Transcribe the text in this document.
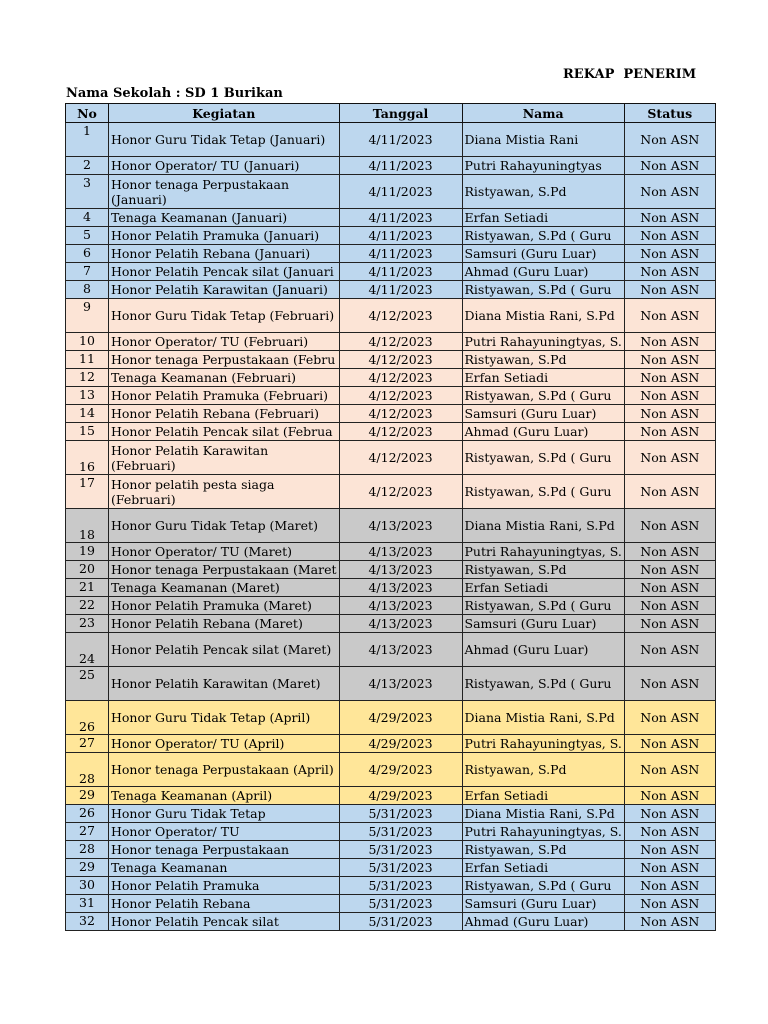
REKAP  PENERIM
Nama Sekolah : SD 1 Burikan
No	Kegiatan	Tanggal	Nama	Status
1	Honor Guru Tidak Tetap (Januari)	4/11/2023	Diana Mistia Rani	Non ASN
2	Honor Operator/ TU (Januari)	4/11/2023	Putri Rahayuningtyas	Non ASN
3	Honor tenaga Perpustakaan (Januari)	4/11/2023	Ristyawan, S.Pd	Non ASN
4	Tenaga Keamanan (Januari)	4/11/2023	Erfan Setiadi	Non ASN
5	Honor Pelatih Pramuka (Januari)	4/11/2023	Ristyawan, S.Pd ( Guru	Non ASN
6	Honor Pelatih Rebana (Januari)	4/11/2023	Samsuri (Guru Luar)	Non ASN
7	Honor Pelatih Pencak silat (Januari	4/11/2023	Ahmad (Guru Luar)	Non ASN
8	Honor Pelatih Karawitan (Januari)	4/11/2023	Ristyawan, S.Pd ( Guru	Non ASN
9	Honor Guru Tidak Tetap (Februari)	4/12/2023	Diana Mistia Rani, S.Pd	Non ASN
10	Honor Operator/ TU (Februari)	4/12/2023	Putri Rahayuningtyas, S.	Non ASN
11	Honor tenaga Perpustakaan (Febru	4/12/2023	Ristyawan, S.Pd	Non ASN
12	Tenaga Keamanan (Februari)	4/12/2023	Erfan Setiadi	Non ASN
13	Honor Pelatih Pramuka (Februari)	4/12/2023	Ristyawan, S.Pd ( Guru	Non ASN
14	Honor Pelatih Rebana (Februari)	4/12/2023	Samsuri (Guru Luar)	Non ASN
15	Honor Pelatih Pencak silat (Februa	4/12/2023	Ahmad (Guru Luar)	Non ASN
16	Honor Pelatih Karawitan (Februari)	4/12/2023	Ristyawan, S.Pd ( Guru	Non ASN
17	Honor pelatih pesta siaga (Februari)	4/12/2023	Ristyawan, S.Pd ( Guru	Non ASN
18	Honor Guru Tidak Tetap (Maret)	4/13/2023	Diana Mistia Rani, S.Pd	Non ASN
19	Honor Operator/ TU (Maret)	4/13/2023	Putri Rahayuningtyas, S.	Non ASN
20	Honor tenaga Perpustakaan (Maret	4/13/2023	Ristyawan, S.Pd	Non ASN
21	Tenaga Keamanan (Maret)	4/13/2023	Erfan Setiadi	Non ASN
22	Honor Pelatih Pramuka (Maret)	4/13/2023	Ristyawan, S.Pd ( Guru	Non ASN
23	Honor Pelatih Rebana (Maret)	4/13/2023	Samsuri (Guru Luar)	Non ASN
24	Honor Pelatih Pencak silat (Maret)	4/13/2023	Ahmad (Guru Luar)	Non ASN
25	Honor Pelatih Karawitan (Maret)	4/13/2023	Ristyawan, S.Pd ( Guru	Non ASN
26	Honor Guru Tidak Tetap (April)	4/29/2023	Diana Mistia Rani, S.Pd	Non ASN
27	Honor Operator/ TU (April)	4/29/2023	Putri Rahayuningtyas, S.	Non ASN
28	Honor tenaga Perpustakaan (April)	4/29/2023	Ristyawan, S.Pd	Non ASN
29	Tenaga Keamanan (April)	4/29/2023	Erfan Setiadi	Non ASN
26	Honor Guru Tidak Tetap	5/31/2023	Diana Mistia Rani, S.Pd	Non ASN
27	Honor Operator/ TU	5/31/2023	Putri Rahayuningtyas, S.	Non ASN
28	Honor tenaga Perpustakaan	5/31/2023	Ristyawan, S.Pd	Non ASN
29	Tenaga Keamanan	5/31/2023	Erfan Setiadi	Non ASN
30	Honor Pelatih Pramuka	5/31/2023	Ristyawan, S.Pd ( Guru	Non ASN
31	Honor Pelatih Rebana	5/31/2023	Samsuri (Guru Luar)	Non ASN
32	Honor Pelatih Pencak silat	5/31/2023	Ahmad (Guru Luar)	Non ASN
